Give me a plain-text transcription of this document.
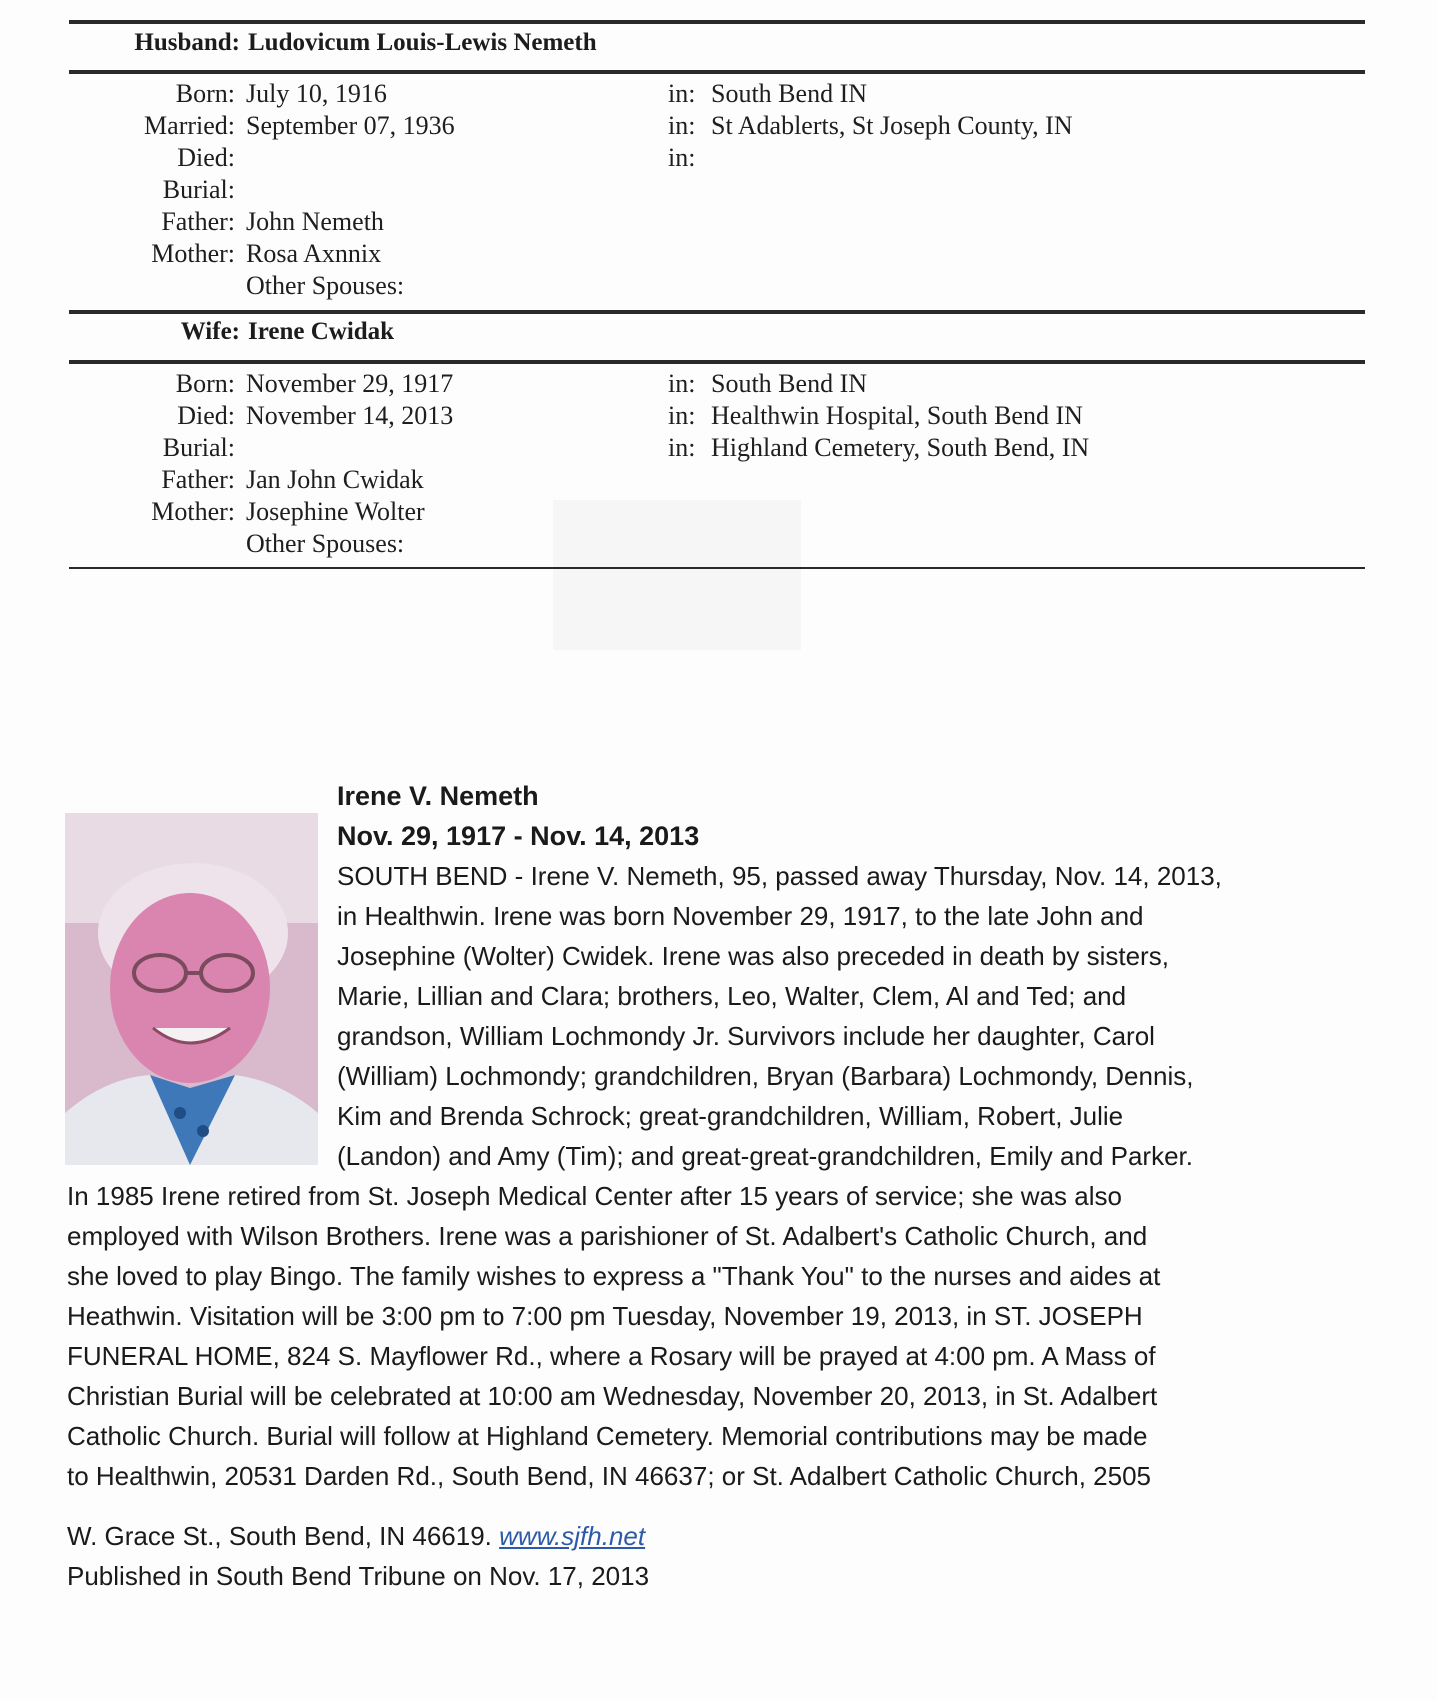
Husband: Ludovicum Louis-Lewis Nemeth
Born: July 10, 1916	in: South Bend IN
Married: September 07, 1936	in: St Adablerts, St Joseph County, IN
Died:	in:
Burial:
Father: John Nemeth
Mother: Rosa Axnnix
Other Spouses:
Wife: Irene Cwidak
Born: November 29, 1917	in: South Bend IN
Died: November 14, 2013	in: Healthwin Hospital, South Bend IN
Burial:	in: Highland Cemetery, South Bend, IN
Father: Jan John Cwidak
Mother: Josephine Wolter
Other Spouses:
Irene V. Nemeth
Nov. 29, 1917 - Nov. 14, 2013
SOUTH BEND - Irene V. Nemeth, 95, passed away Thursday, Nov. 14, 2013,
in Healthwin. Irene was born November 29, 1917, to the late John and
Josephine (Wolter) Cwidek. Irene was also preceded in death by sisters,
Marie, Lillian and Clara; brothers, Leo, Walter, Clem, Al and Ted; and
grandson, William Lochmondy Jr. Survivors include her daughter, Carol
(William) Lochmondy; grandchildren, Bryan (Barbara) Lochmondy, Dennis,
Kim and Brenda Schrock; great-grandchildren, William, Robert, Julie
(Landon) and Amy (Tim); and great-great-grandchildren, Emily and Parker.
In 1985 Irene retired from St. Joseph Medical Center after 15 years of service; she was also
employed with Wilson Brothers. Irene was a parishioner of St. Adalbert's Catholic Church, and
she loved to play Bingo. The family wishes to express a "Thank You" to the nurses and aides at
Heathwin. Visitation will be 3:00 pm to 7:00 pm Tuesday, November 19, 2013, in ST. JOSEPH
FUNERAL HOME, 824 S. Mayflower Rd., where a Rosary will be prayed at 4:00 pm. A Mass of
Christian Burial will be celebrated at 10:00 am Wednesday, November 20, 2013, in St. Adalbert
Catholic Church. Burial will follow at Highland Cemetery. Memorial contributions may be made
to Healthwin, 20531 Darden Rd., South Bend, IN 46637; or St. Adalbert Catholic Church, 2505
W. Grace St., South Bend, IN 46619. www.sjfh.net
Published in South Bend Tribune on Nov. 17, 2013
